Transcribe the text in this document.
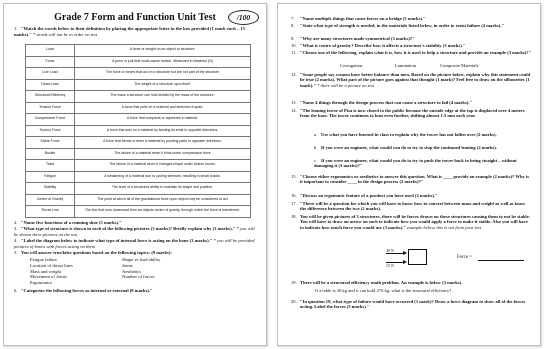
Grade 7 Form and Function Unit Test	/100
1. "Match the words below to their definition by placing the appropriate letter in the box provided (1 mark each – 15 marks)." * words will not be in order on test
Load	A force or weight on an object or structure.
Force	A push or pull that could cause motion. Measured in Newtons (N)
Live Load	The force or forces that act on a structure but are not part of the structure
Dead Load	The weight of a structure upon itself.
Structural Efficiency	The mass a structure can hold divided by the mass of the structure.
Tension Force	A force that pulls on a material and stretches it apart.
Compression Force	A force that compacts or squeezes a material.
Torsion Force	A force that acts on a material by twisting its ends in opposite directions.
Shear Force	A force that bends or tears a material by pushing parts in opposite directions.
Buckle	The failure of a material when it folds under compressive force
Twist	The failure of a material when it changes shape under torsion forces.
Fatigue	A weakening of a material due to cycling stresses, resulting in small cracks.
Stability	The level of a structures ability to maintain its shape and position.
Centre of Gravity	The point at which all of the gravitational force upon object may be considered to act
Thrust Line	The line that runs downward from an objects centre of gravity, through which the force is transferred.
2. "Name five functions of a running shoe (5 marks)."
3. "What type of structure is shown in each of the following pictures (3 marks)? Briefly explain why (3 marks)." * you will be shown three pictures on the test
4. "Label the diagram below to indicate what type of internal force is acting on the bone (3 marks)." * you will be provided pictures of bones with forces acting on them
5. You will answer true/false questions based on the following topics: (9 marks):
Fatigue failure
Location of thrust lines
Mass and weight
Movement of Joints
Ergonomics
Shape vs load ability
Joints
Aesthetics
Number of forces
6. "Categorize the following forces as internal or external (8 marks)."
7. "Name multiple things that cause forces on a bridge (5 marks)."
8. "State what type of strength is needed, in the materials listed below, in order to resist failure (4 marks)."
9. "Why are many structures made symmetrical (3 marks)?"
10. "What is centre of gravity? Describe how it affects a structure's stability (3 marks)."
11. "Choose one of the following, explain what it is, how it is used to help a structure and provide an example (3 marks)?"
Corrugation	Lamination	Composite Materials
12. "Some people say women have better balance than men. Based on the picture below, explain why this statement could be true (2 marks). What part of the picture goes against that thought (1 mark)? Feel free to draw on the silhouettes (1 mark)." * there will be a picture on test
13. "Name 4 things through the design process that can cause a structure to fail (4 marks)."
14. "The leaning tower of Pisa is now closed to the public because the outside edge at the top is displaced over 4 meters from the base. The tower continues to lean even further, shifting almost 1.5 mm each year.
a. Use what you have learned in class to explain why the tower has not fallen over (2 marks).
b. If you were an engineer, what would you do to try to stop the continued leaning (2 marks).
c. If you were an engineer, what would you do to try to push the tower back to being straight – without damaging it (3 marks)?"
15. "Choose either ergonomics or aesthetics to answer this question. What is ____ provide an example (2 marks)? Why is it important to consider ____ in the design process (2 marks)?"
16. "Discuss an ergonomic feature of a product you have used (2 marks)."
17. "There will be a question for which you will have to know how to convert between mass and weight as well as know the difference between the two (2 marks).
18. You will be given pictures of 3 structures, there will be forces drawn on these structures causing them to not be stable. You will have to draw an arrow on each to indicate how you would apply a force to make it stable. Also you will have to indicate how much force you would use (3 marks)." example below, this is not from your test
30 N
15 N
Force =
19. There will be a structural efficiency math problem. An example is below (3 marks).
If a table is 30 kg and it can hold 270 kg, what is the structural efficiency?
20. "In question 19, what type of failure would have occurred (1 mark)? Draw a force diagram to show all of the forces acting. Label the forces (3 marks)."
